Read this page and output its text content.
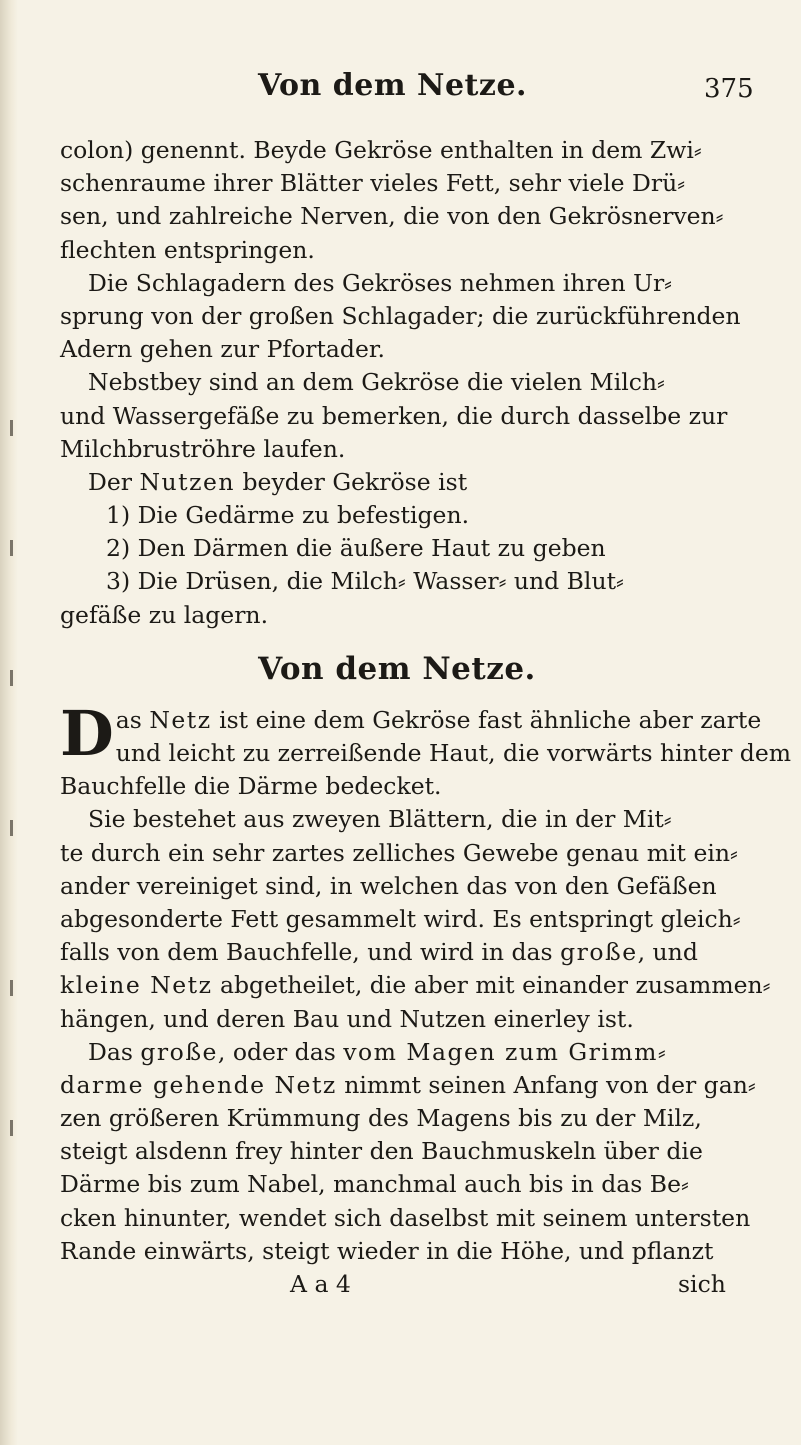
Von dem Netze.	375
colon) genennt. Beyde Gekröse enthalten in dem Zwi⸗
schenraume ihrer Blätter vieles Fett, sehr viele Drü⸗
sen, und zahlreiche Nerven, die von den Gekrösnerven⸗
flechten entspringen.
Die Schlagadern des Gekröses nehmen ihren Ur⸗
sprung von der großen Schlagader; die zurückführenden
Adern gehen zur Pfortader.
Nebstbey sind an dem Gekröse die vielen Milch⸗
und Wassergefäße zu bemerken, die durch dasselbe zur
Milchbruströhre laufen.
Der Nutzen beyder Gekröse ist
1) Die Gedärme zu befestigen.
2) Den Därmen die äußere Haut zu geben
3) Die Drüsen, die Milch⸗ Wasser⸗ und Blut⸗
gefäße zu lagern.
Von dem Netze.
Das Netz ist eine dem Gekröse fast ähnliche aber zarte
und leicht zu zerreißende Haut, die vorwärts hinter dem
Bauchfelle die Därme bedecket.
Sie bestehet aus zweyen Blättern, die in der Mit⸗
te durch ein sehr zartes zelliches Gewebe genau mit ein⸗
ander vereiniget sind, in welchen das von den Gefäßen
abgesonderte Fett gesammelt wird. Es entspringt gleich⸗
falls von dem Bauchfelle, und wird in das große, und
kleine Netz abgetheilet, die aber mit einander zusammen⸗
hängen, und deren Bau und Nutzen einerley ist.
Das große, oder das vom Magen zum Grimm⸗
darme gehende Netz nimmt seinen Anfang von der gan⸗
zen größeren Krümmung des Magens bis zu der Milz,
steigt alsdenn frey hinter den Bauchmuskeln über die
Därme bis zum Nabel, manchmal auch bis in das Be⸗
cken hinunter, wendet sich daselbst mit seinem untersten
Rande einwärts, steigt wieder in die Höhe, und pflanzt
A a 4	sich
